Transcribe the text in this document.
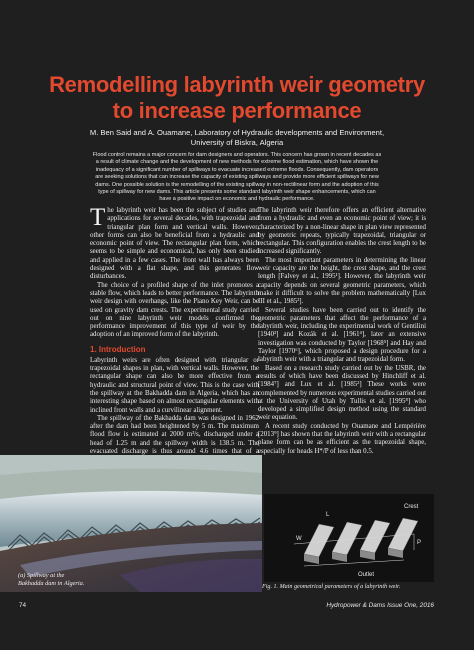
Remodelling labyrinth weir geometry to increase performance
M. Ben Said and A. Ouamane, Laboratory of Hydraulic developments and Environment,
University of Biskra, Algeria
Flood control remains a major concern for dam designers and operators. This concern has grown in recent decades as a result of climate change and the development of new methods for extreme flood estimation, which have shown the inadequacy of a significant number of spillways to evacuate increased extreme floods. Consequently, dam operators are seeking solutions that can increase the capacity of existing spillways and provide more efficient spillways for new dams. One possible solution is the remodelling of the existing spillway in non-rectilinear form and the adoption of this type of spillway for new dams. This article presents some standard labyrinth weir shape enhancements, which can have a positive impact on economic and hydraulic performance.

The labyrinth weir has been the subject of studies and applications for several decades, with trapezoidal and triangular plan form and vertical walls. However, other forms can also be beneficial from a hydraulic and economic point of view. The rectangular plan form, which seems to be simple and economical, has only been studied and applied in a few cases. The front wall has always been designed with a flat shape, and this generates flow disturbances.

The choice of a profiled shape of the inlet promotes a stable flow, which leads to better performance. The labyrinth weir design with overhangs, like the Piano Key Weir, can be used on gravity dam crests. The experimental study carried out on nine labyrinth weir models confirmed the performance improvement of this type of weir by the adoption of an improved form of the labyrinth.

1. Introduction

Labyrinth weirs are often designed with triangular or trapezoidal shapes in plan, with vertical walls. However, the rectangular shape can also be more effective from a hydraulic and structural point of view. This is the case with the spillway at the Bakhadda dam in Algeria, which has an interesting shape based on almost rectangular elements with inclined front walls and a curvilinear alignment.

The spillway of the Bakhadda dam was designed in 1962 after the dam had been heightened by 5 m. The maximum flood flow is estimated at 2000 m³/s, discharged under a head of 1.25 m and the spillway width is 138.5 m. The evacuated discharge is thus around 4.6 times that of a

The labyrinth weir therefore offers an efficient alternative from a hydraulic and even an economic point of view; it is characterized by a non-linear shape in plan view represented by geometric repeats, typically trapezoidal, triangular or rectangular. This configuration enables the crest length to be increased significantly.

The most important parameters in determining the linear weir capacity are the height, the crest shape, and the crest length [Falvey et al., 1995¹]. However, the labyrinth weir capacity depends on several geometric parameters, which make it difficult to solve the problem mathematically [Lux III et al., 1985²].

Several studies have been carried out to identify the geometric parameters that affect the performance of a labyrinth weir, including the experimental work of Gentilini [1940³] and Kozák et al. [1961⁴], later an extensive investigation was conducted by Taylor [1968⁵] and Hay and Taylor [1970⁶], which proposed a design procedure for a labyrinth weir with a triangular and trapezoidal form.

Based on a research study carried out by the USBR, the results of which have been discussed by Hinchliff et al. [1984⁷] and Lux et al. [1985²] These works were complemented by numerous experimental studies carried out at the University of Utah by Tullis et al. [1995⁸] who developed a simplified design method using the standard weir equation.

A recent study conducted by Ouamane and Lempérière [2013⁹] has shown that the labyrinth weir with a rectangular plane form can be as efficient as the trapezoidal shape, especially for heads H*/P of less than 0.5.

(a) Spillway at the Bakhadda dam in Algeria.
Crest
Outlet
W
P
L
Fig. 1. Main geometrical parameters of a labyrinth weir.
74	Hydropower & Dams Issue One, 2016
